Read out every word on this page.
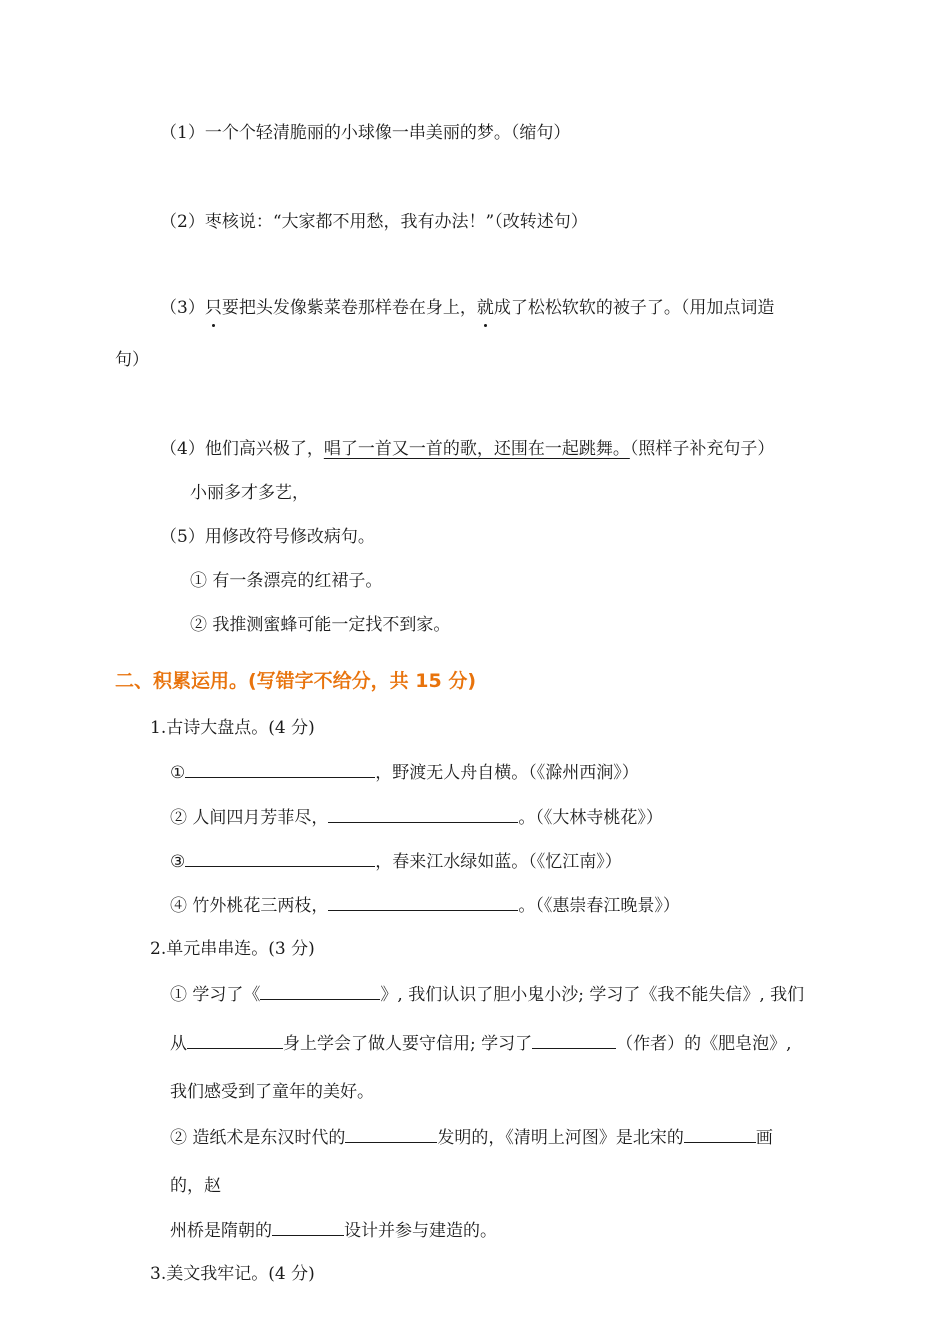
（1）一个个轻清脆丽的小球像一串美丽的梦。（缩句）
（2）枣核说：“大家都不用愁，我有办法！”（改转述句）
（3）只要把头发像紫菜卷那样卷在身上，就成了松松软软的被子了。（用加点词造
句）
（4）他们高兴极了，唱了一首又一首的歌，还围在一起跳舞。（照样子补充句子）
小丽多才多艺，
（5）用修改符号修改病句。
① 有一条漂亮的红裙子。
② 我推测蜜蜂可能一定找不到家。
二、积累运用。(写错字不给分，共 15 分)
1.古诗大盘点。(4 分)
①	，野渡无人舟自横。（《滁州西涧》）
② 人间四月芳菲尽，	。（《大林寺桃花》）
③	，春来江水绿如蓝。（《忆江南》）
④ 竹外桃花三两枝，	。（《惠崇春江晚景》）
2.单元串串连。(3 分)
① 学习了《	》, 我们认识了胆小鬼小沙; 学习了《我不能失信》, 我们
从	身上学会了做人要守信用; 学习了	（作者）的《肥皂泡》,
我们感受到了童年的美好。
② 造纸术是东汉时代的	发明的，《清明上河图》是北宋的	画
的，赵
州桥是隋朝的	设计并参与建造的。
3.美文我牢记。(4 分)
